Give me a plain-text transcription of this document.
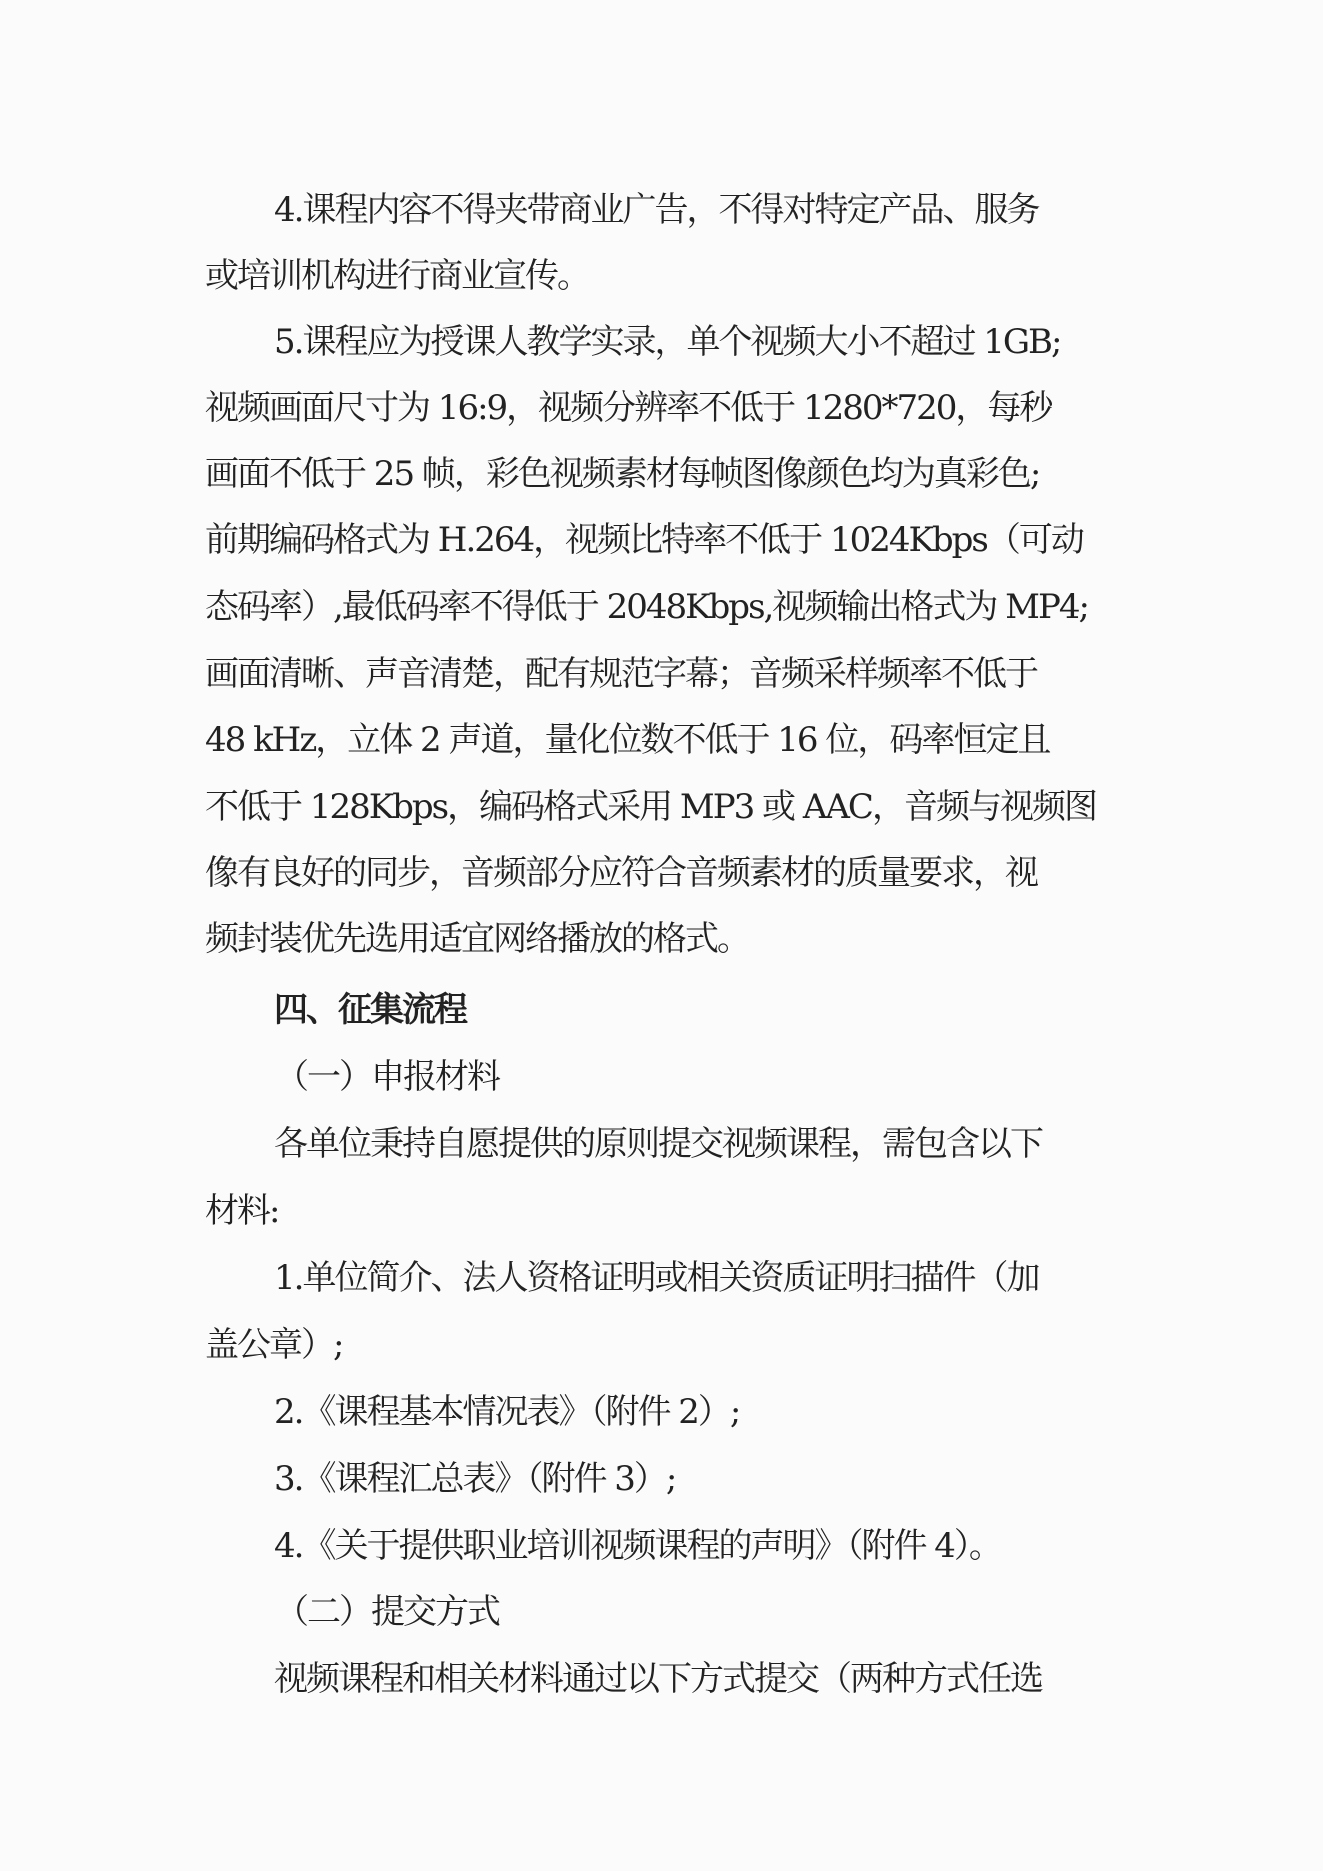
4.课程内容不得夹带商业广告，不得对特定产品、服务
或培训机构进行商业宣传。
5.课程应为授课人教学实录，单个视频大小不超过 1GB;
视频画面尺寸为 16:9，视频分辨率不低于 1280*720，每秒
画面不低于 25 帧，彩色视频素材每帧图像颜色均为真彩色;
前期编码格式为 H.264，视频比特率不低于 1024Kbps（可动
态码率）,最低码率不得低于 2048Kbps,视频输出格式为 MP4;
画面清晰、声音清楚，配有规范字幕；音频采样频率不低于
48 kHz，立体 2 声道，量化位数不低于 16 位，码率恒定且
不低于 128Kbps，编码格式采用 MP3 或 AAC，音频与视频图
像有良好的同步，音频部分应符合音频素材的质量要求，视
频封装优先选用适宜网络播放的格式。
四、征集流程
（一）申报材料
各单位秉持自愿提供的原则提交视频课程，需包含以下
材料:
1.单位简介、法人资格证明或相关资质证明扫描件（加
盖公章）;
2.《课程基本情况表》（附件 2）;
3.《课程汇总表》（附件 3）;
4.《关于提供职业培训视频课程的声明》（附件 4）。
（二）提交方式
视频课程和相关材料通过以下方式提交（两种方式任选
